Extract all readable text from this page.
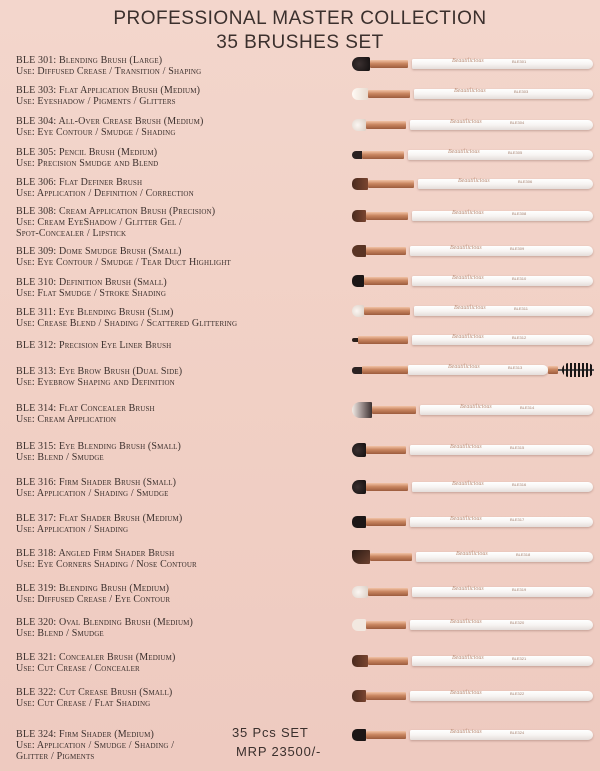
PROFESSIONAL MASTER COLLECTION
35 BRUSHES SET
BLE 301: Blending Brush (Large)
Use: Diffused Crease / Transition / Shaping
BLE 303: Flat Application Brush (Medium)
Use: Eyeshadow / Pigments / Glitters
BLE 304: All-Over Crease Brush (Medium)
Use: Eye Contour / Smudge / Shading
BLE 305: Pencil Brush (Medium)
Use: Precision Smudge and Blend
BLE 306: Flat Definer Brush
Use: Application / Definition / Correction
BLE 308: Cream Application Brush (Precision)
Use: Cream EyeShadow / Glitter Gel /
Spot-Concealer / Lipstick
BLE 309: Dome Smudge Brush (Small)
Use: Eye Contour / Smudge / Tear Duct Highlight
BLE 310: Definition Brush (Small)
Use: Flat Smudge / Stroke Shading
BLE 311: Eye Blending Brush (Slim)
Use: Crease Blend / Shading / Scattered Glittering
BLE 312: Precision Eye Liner Brush
BLE 313: Eye Brow Brush (Dual Side)
Use: Eyebrow Shaping and Definition
BLE 314: Flat Concealer Brush
Use: Cream Application
BLE 315: Eye Blending Brush (Small)
Use: Blend / Smudge
BLE 316: Firm Shader Brush (Small)
Use: Application / Shading / Smudge
BLE 317: Flat Shader Brush (Medium)
Use: Application / Shading
BLE 318: Angled Firm Shader Brush
Use: Eye Corners Shading / Nose Contour
BLE 319: Blending Brush (Medium)
Use: Diffused Crease / Eye Contour
BLE 320: Oval Blending Brush (Medium)
Use: Blend / Smudge
BLE 321: Concealer Brush (Medium)
Use: Cut Crease / Concealer
BLE 322: Cut Crease Brush (Small)
Use: Cut Crease / Flat Shading
BLE 324: Firm Shader (Medium)
Use: Application / Smudge / Shading /
Glitter / Pigments
Beautilicious	BLE301
Beautilicious	BLE303
Beautilicious	BLE304
Beautilicious	BLE305
Beautilicious	BLE306
Beautilicious	BLE308
Beautilicious	BLE309
Beautilicious	BLE310
Beautilicious	BLE311
Beautilicious	BLE312
Beautilicious	BLE313
Beautilicious	BLE314
Beautilicious	BLE315
Beautilicious	BLE316
Beautilicious	BLE317
Beautilicious	BLE318
Beautilicious	BLE319
Beautilicious	BLE320
Beautilicious	BLE321
Beautilicious	BLE322
Beautilicious	BLE324
35 Pcs SET
MRP 23500/-
